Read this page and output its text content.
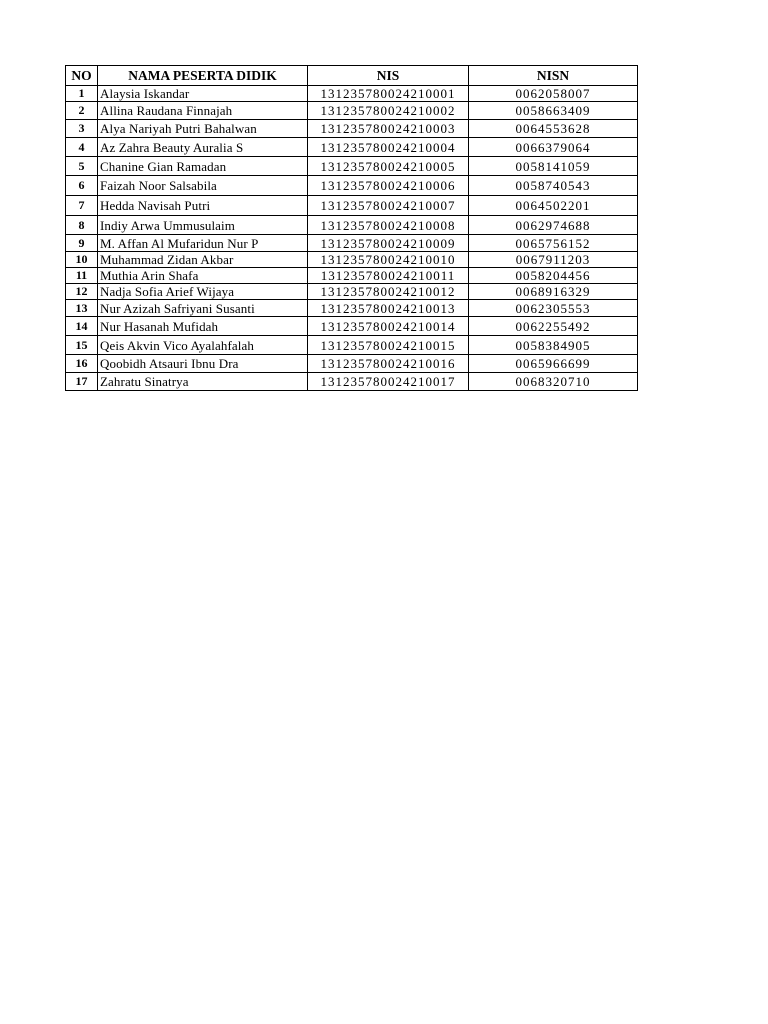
NO	NAMA PESERTA DIDIK	NIS	NISN
1	Alaysia Iskandar	131235780024210001	0062058007
2	Allina Raudana Finnajah	131235780024210002	0058663409
3	Alya Nariyah Putri Bahalwan	131235780024210003	0064553628
4	Az Zahra Beauty Auralia S	131235780024210004	0066379064
5	Chanine Gian Ramadan	131235780024210005	0058141059
6	Faizah Noor Salsabila	131235780024210006	0058740543
7	Hedda Navisah Putri	131235780024210007	0064502201
8	Indiy Arwa Ummusulaim	131235780024210008	0062974688
9	M. Affan Al Mufaridun Nur P	131235780024210009	0065756152
10	Muhammad Zidan Akbar	131235780024210010	0067911203
11	Muthia Arin Shafa	131235780024210011	0058204456
12	Nadja Sofia Arief Wijaya	131235780024210012	0068916329
13	Nur Azizah Safriyani Susanti	131235780024210013	0062305553
14	Nur Hasanah Mufidah	131235780024210014	0062255492
15	Qeis Akvin Vico Ayalahfalah	131235780024210015	0058384905
16	Qoobidh Atsauri Ibnu Dra	131235780024210016	0065966699
17	Zahratu Sinatrya	131235780024210017	0068320710
